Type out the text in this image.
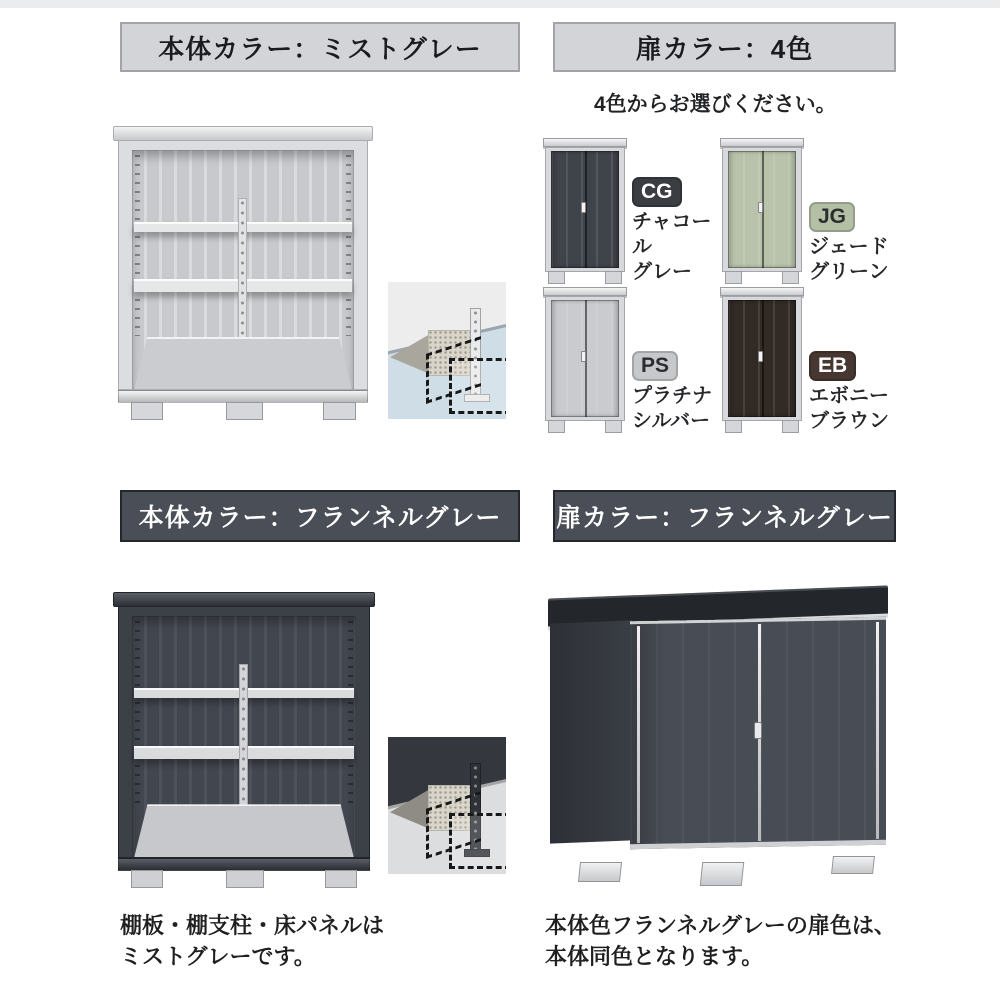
本体カラー：ミストグレー	扉カラー：4色
4色からお選びください。
CG
チャコール
グレー
JG
ジェード
グリーン
PS
プラチナ
シルバー
EB
エボニー
ブラウン
本体カラー：フランネルグレー
棚板・棚支柱・床パネルは
ミストグレーです。
扉カラー：フランネルグレー
本体色フランネルグレーの扉色は、
本体同色となります。
